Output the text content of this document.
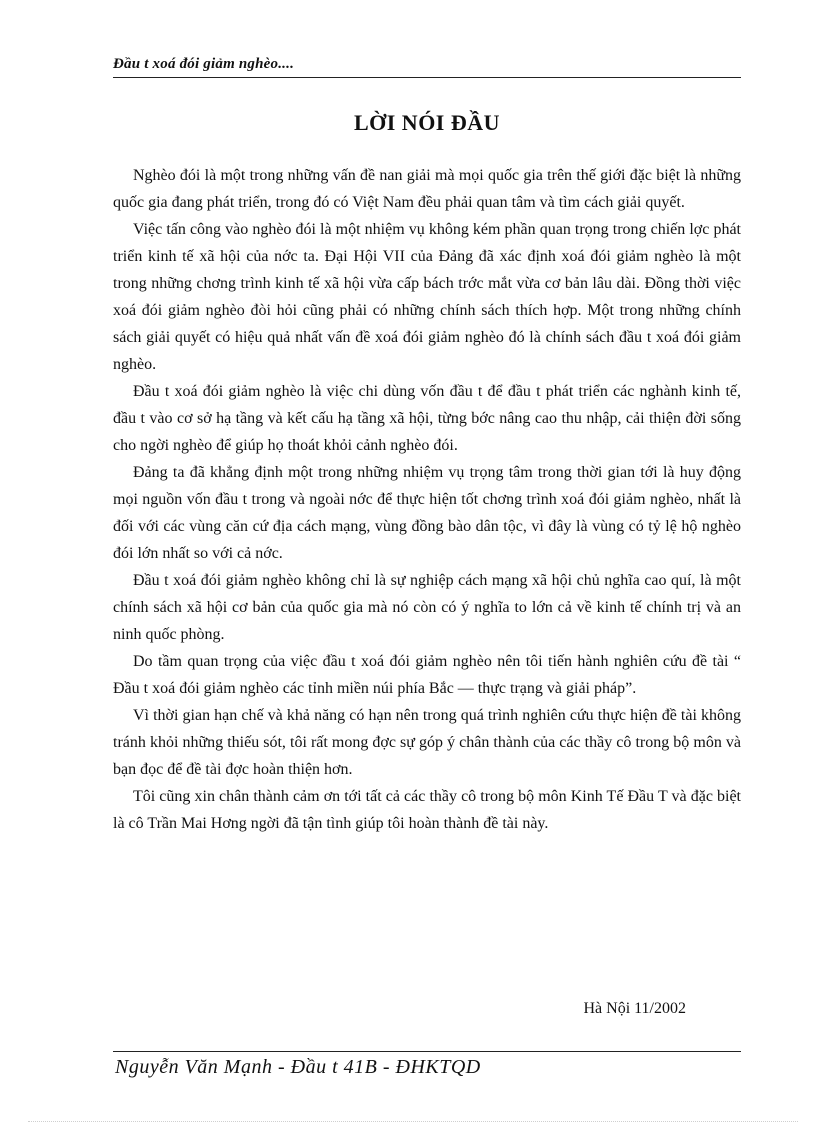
Đầu t xoá đói giảm nghèo....
LỜI NÓI ĐẦU

Nghèo đói là một trong những vấn đề nan giải mà mọi quốc gia trên thế giới đặc biệt là những quốc gia đang phát triển, trong đó có Việt Nam đều phải quan tâm và tìm cách giải quyết.

Việc tấn công vào nghèo đói là một nhiệm vụ không kém phần quan trọng trong chiến lợc phát triển kinh tế xã hội của nớc ta. Đại Hội VII của Đảng đã xác định xoá đói giảm nghèo là một trong những chơng trình kinh tế xã hội vừa cấp bách trớc mắt vừa cơ bản lâu dài. Đồng thời việc xoá đói giảm nghèo đòi hỏi cũng phải có những chính sách thích hợp. Một trong những chính sách giải quyết có hiệu quả nhất vấn đề xoá đói giảm nghèo đó là chính sách đầu t xoá đói giảm nghèo.

Đầu t xoá đói giảm nghèo là việc chi dùng vốn đầu t để đầu t phát triển các nghành kinh tế, đầu t vào cơ sở hạ tầng và kết cấu hạ tầng xã hội, từng bớc nâng cao thu nhập, cải thiện đời sống cho ngời nghèo để giúp họ thoát khỏi cảnh nghèo đói.

Đảng ta đã khẳng định một trong những nhiệm vụ trọng tâm trong thời gian tới là huy động mọi nguồn vốn đầu t trong và ngoài nớc để thực hiện tốt chơng trình xoá đói giảm nghèo, nhất là đối với các vùng căn cứ địa cách mạng, vùng đồng bào dân tộc, vì đây là vùng có tỷ lệ hộ nghèo đói lớn nhất so với cả nớc.

Đầu t xoá đói giảm nghèo không chỉ là sự nghiệp cách mạng xã hội chủ nghĩa cao quí, là một chính sách xã hội cơ bản của quốc gia mà nó còn có ý nghĩa to lớn cả về kinh tế chính trị và an ninh quốc phòng.

Do tầm quan trọng của việc đầu t xoá đói giảm nghèo nên tôi tiến hành nghiên cứu đề tài “ Đầu t xoá đói giảm nghèo các tỉnh miền núi phía Bắc — thực trạng và giải pháp”.

Vì thời gian hạn chế và khả năng có hạn nên trong quá trình nghiên cứu thực hiện đề tài không tránh khỏi những thiếu sót, tôi rất mong đợc sự góp ý chân thành của các thầy cô trong bộ môn và bạn đọc để đề tài đợc hoàn thiện hơn.

Tôi cũng xin chân thành cảm ơn tới tất cả các thầy cô trong bộ môn Kinh Tế Đầu T và đặc biệt là cô Trần Mai Hơng ngời đã tận tình giúp tôi hoàn thành đề tài này.

Hà Nội 11/2002
Nguyễn Văn Mạnh - Đầu t 41B - ĐHKTQD
